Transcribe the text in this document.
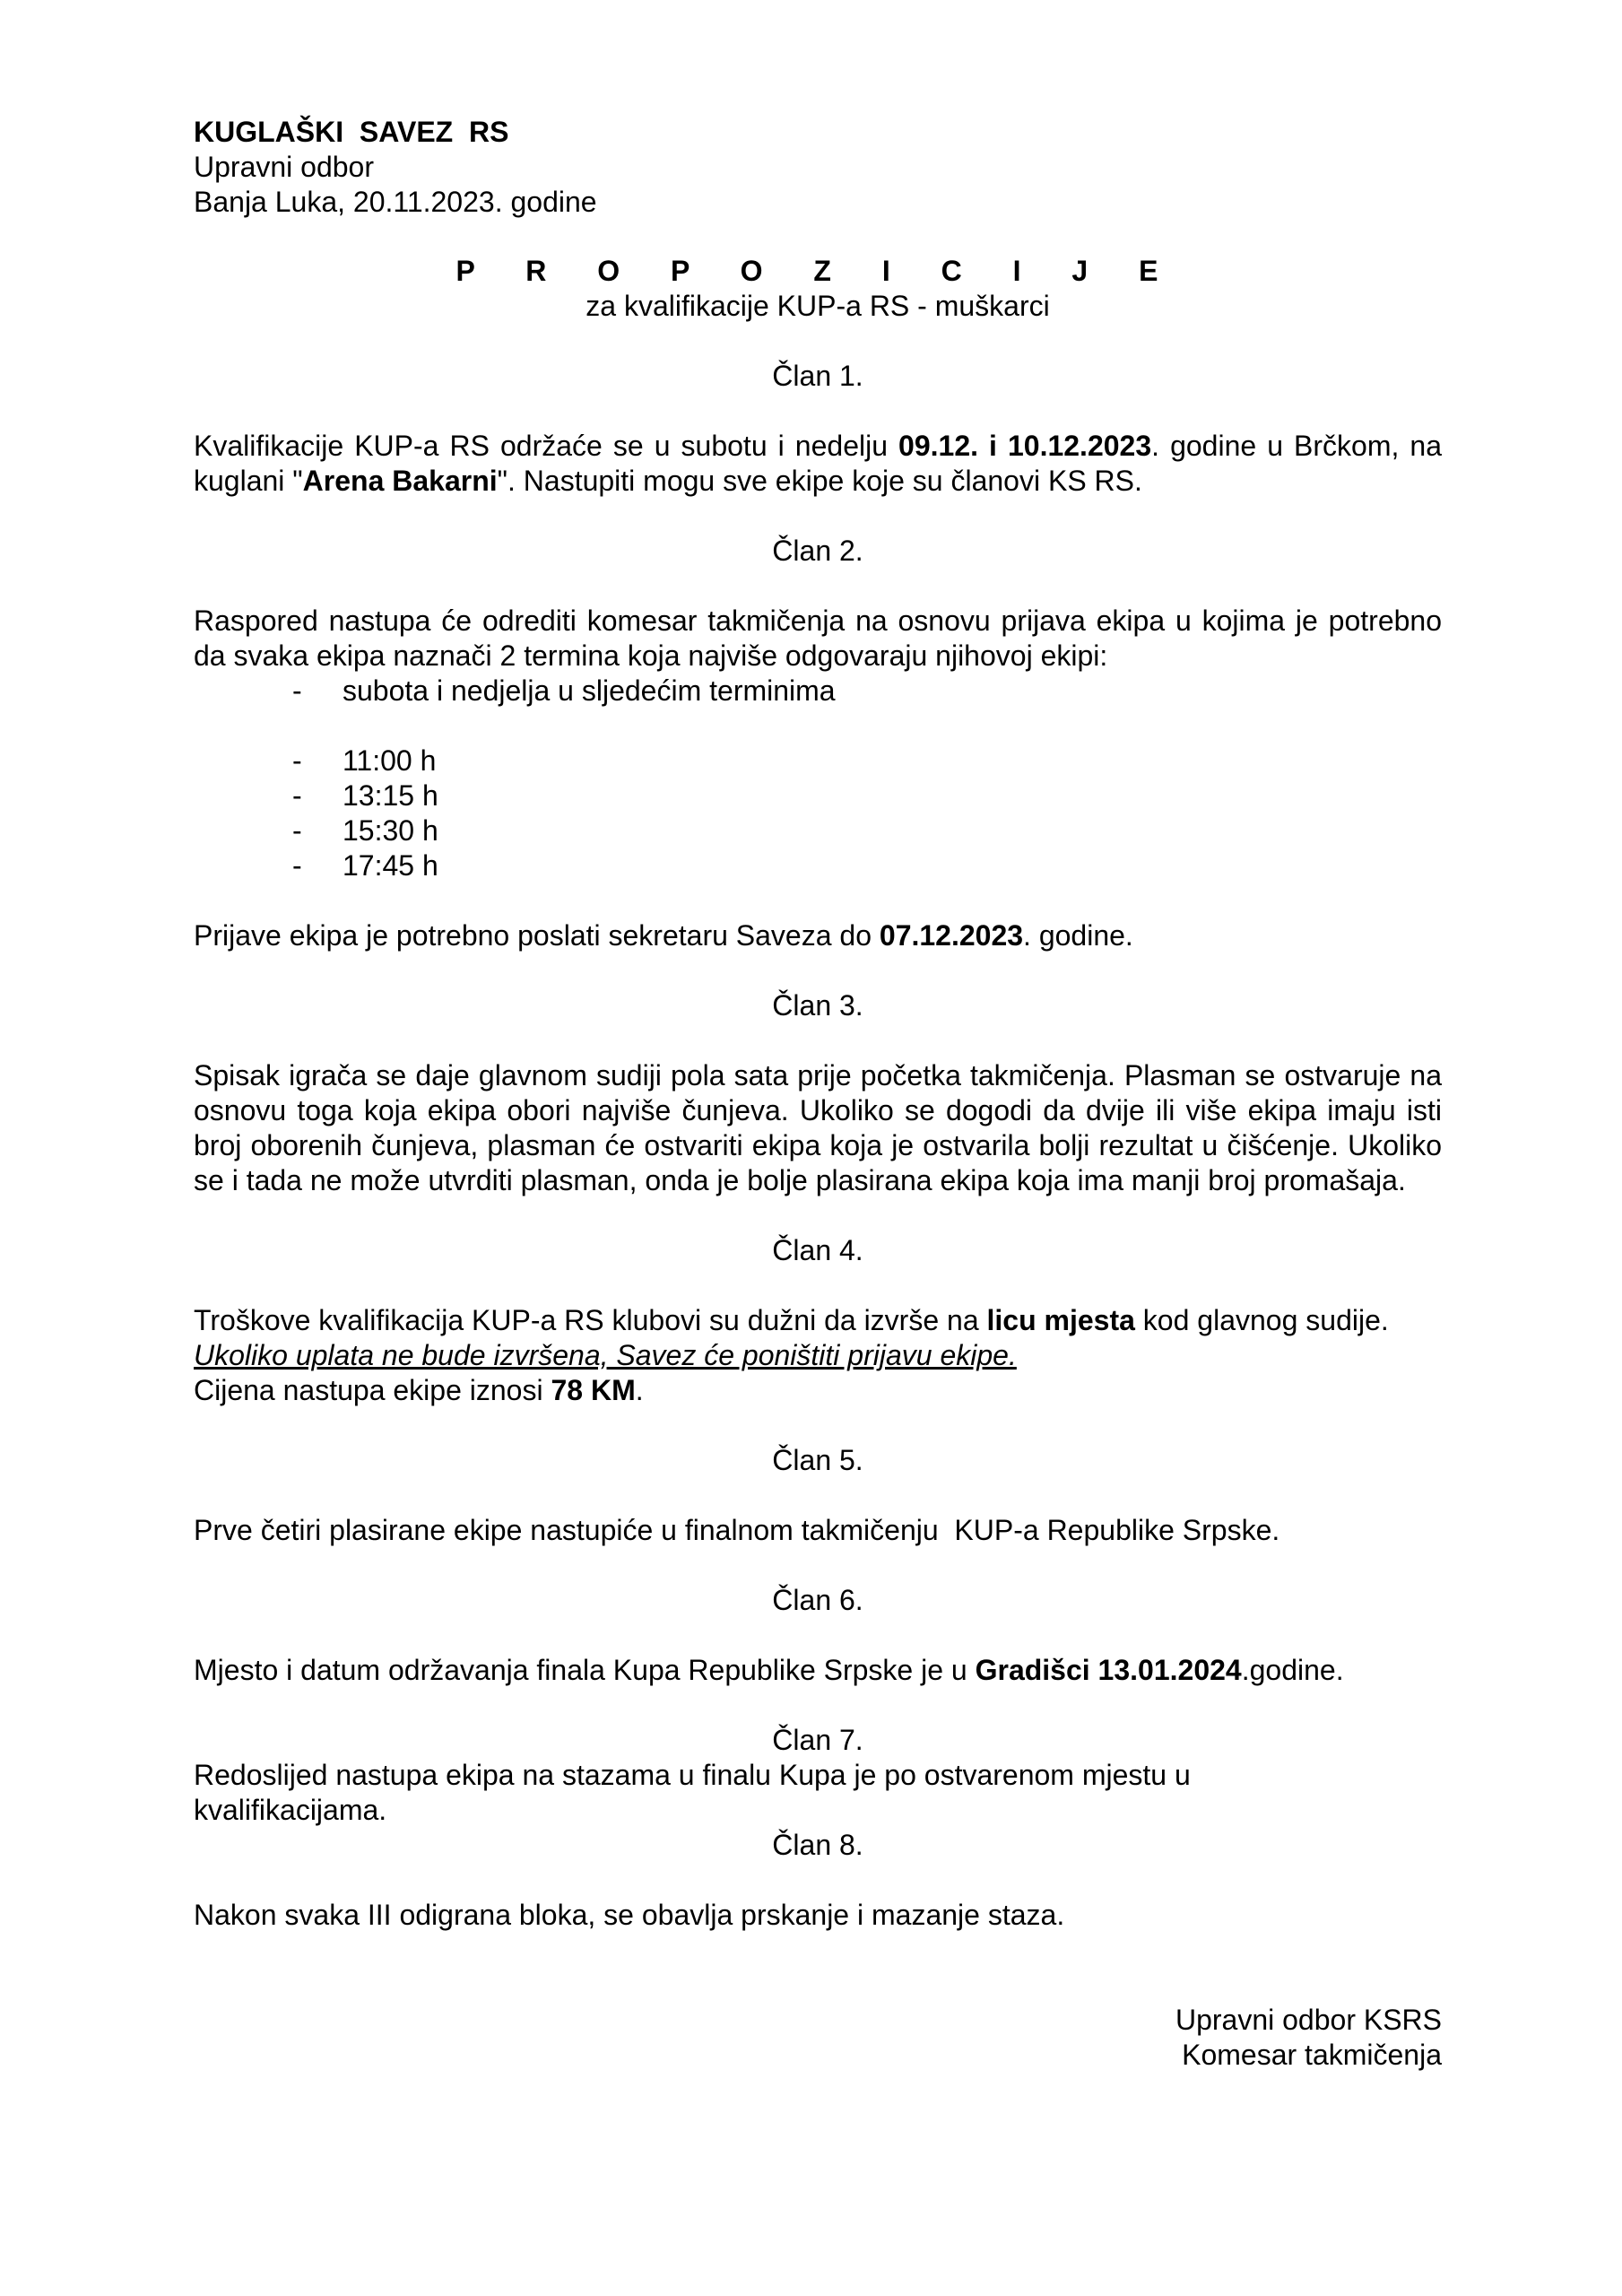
KUGLAŠKI  SAVEZ  RS
Upravni odbor
Banja Luka, 20.11.2023. godine
P R O P O Z I C I J E
za kvalifikacije KUP-a RS - muškarci
Član 1.
Kvalifikacije KUP-a RS održaće se u subotu i nedelju 09.12. i 10.12.2023. godine u Brčkom, na kuglani "Arena Bakarni". Nastupiti mogu sve ekipe koje su članovi KS RS.
Član 2.
Raspored nastupa će odrediti komesar takmičenja na osnovu prijava ekipa u kojima je potrebno da svaka ekipa naznači 2 termina koja najviše odgovaraju njihovoj ekipi:
- subota i nedjelja u sljedećim terminima
- 11:00 h
- 13:15 h
- 15:30 h
- 17:45 h
Prijave ekipa je potrebno poslati sekretaru Saveza do 07.12.2023. godine.
Član 3.
Spisak igrača se daje glavnom sudiji pola sata prije početka takmičenja. Plasman se ostvaruje na osnovu toga koja ekipa obori najviše čunjeva. Ukoliko se dogodi da dvije ili više ekipa imaju isti broj oborenih čunjeva, plasman će ostvariti ekipa koja je ostvarila bolji rezultat u čišćenje. Ukoliko se i tada ne može utvrditi plasman, onda je bolje plasirana ekipa koja ima manji broj promašaja.
Član 4.
Troškove kvalifikacija KUP-a RS klubovi su dužni da izvrše na licu mjesta kod glavnog sudije.
Ukoliko uplata ne bude izvršena, Savez će poništiti prijavu ekipe.
Cijena nastupa ekipe iznosi 78 KM.
Član 5.
Prve četiri plasirane ekipe nastupiće u finalnom takmičenju  KUP-a Republike Srpske.
Član 6.
Mjesto i datum održavanja finala Kupa Republike Srpske je u Gradišci 13.01.2024.godine.
Član 7.
Redoslijed nastupa ekipa na stazama u finalu Kupa je po ostvarenom mjestu u kvalifikacijama.
Član 8.
Nakon svaka III odigrana bloka, se obavlja prskanje i mazanje staza.
Upravni odbor KSRS
Komesar takmičenja
